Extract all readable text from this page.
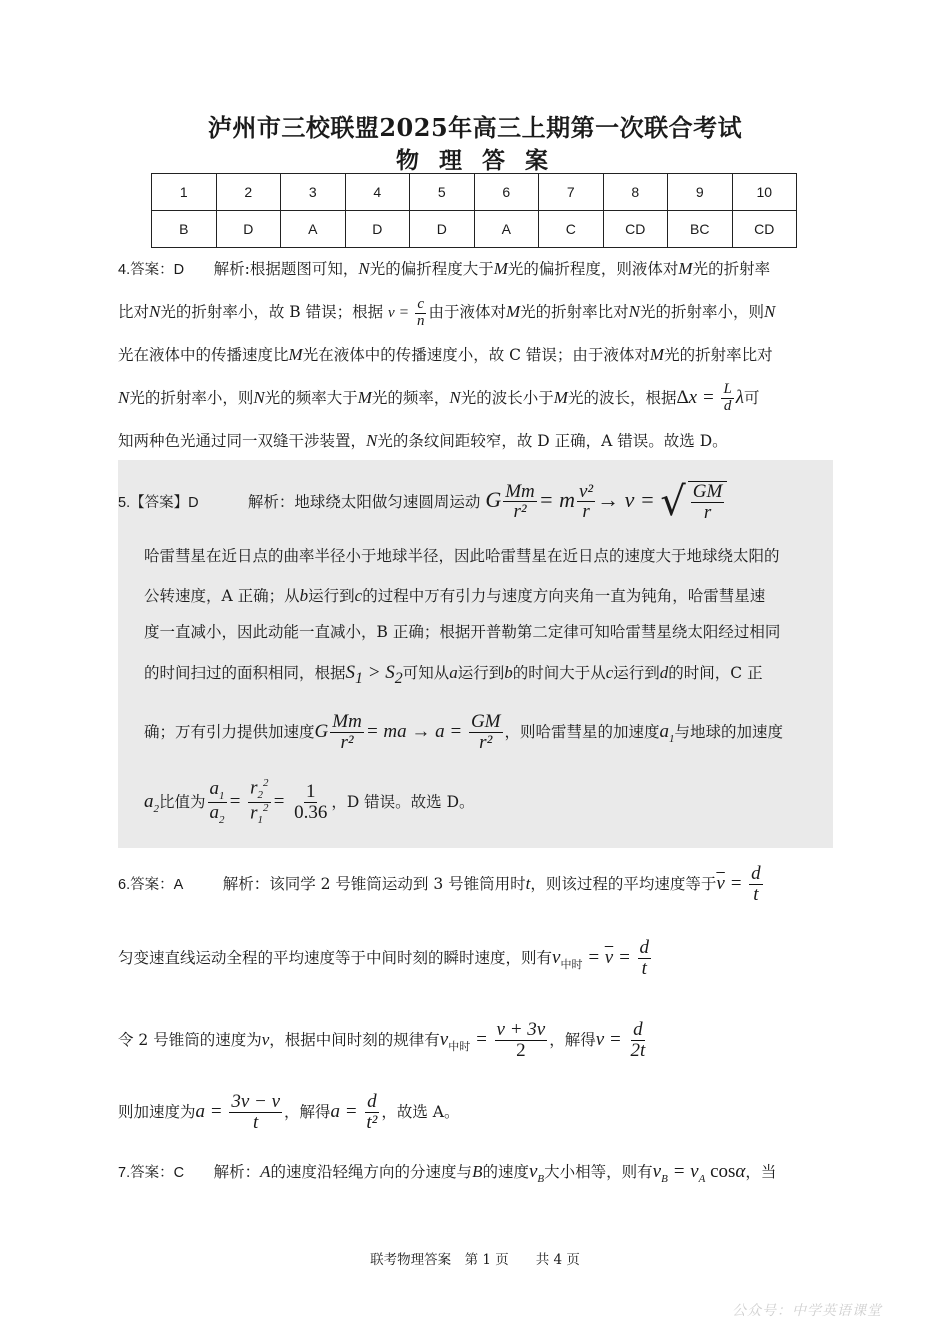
泸州市三校联盟2025年高三上期第一次联合考试
物 理 答 案
1	2	3	4	5	6	7	8	9	10
B	D	A	D	D	A	C	CD	BC	CD
4.答案：D 解析:根据题图可知，N光的偏折程度大于M光的偏折程度，则液体对M光的折射率
比对N光的折射率小，故 B 错误；根据 $v = \frac{c}{n}$ 由于液体对M光的折射率比对N光的折射率小，则N
光在液体中的传播速度比M光在液体中的传播速度小，故 C 错误；由于液体对M光的折射率比对
N光的折射率小，则N光的频率大于M光的频率，N光的波长小于M光的波长，根据$\Delta x = \frac{L}{d}$ λ可
知两种色光通过同一双缝干涉装置，N光的条纹间距较窄，故 D 正确，A 错误。故选 D。
5.【答案】D	解析：地球绕太阳做匀速圆周运动 G $\frac{Mm}{\text{r²}} = m \frac{\text{v²}}{r} \to v$ = √ $\frac{GM}{r}$
哈雷彗星在近日点的曲率半径小于地球半径，因此哈雷彗星在近日点的速度大于地球绕太阳的
公转速度，A 正确；从b运行到c的过程中万有引力与速度方向夹角一直为钝角，哈雷彗星速
度一直减小，因此动能一直减小，B 正确；根据开普勒第二定律可知哈雷彗星绕太阳经过相同
的时间扫过的面积相同，根据$S_1 > S_2$可知从a运行到b的时间大于从c运行到d的时间，C 正
确；万有引力提供加速度G $\frac{Mm}{\text{r²}}$ = ma → $a = \frac{GM}{\text{r²}}$ ，则哈雷彗星的加速度$a_1$与地球的加速度
$a_2$比值为 $\frac{a_1}{a_2} = \frac{r_2^2}{r_1^2} = \frac{1}{0.36}$ ，D 错误。故选 D。
6.答案：A	解析：该同学 2 号锥筒运动到 3 号锥筒用时t，则该过程的平均速度等于$\overline{v} = \frac{d}{t}$
匀变速直线运动全程的平均速度等于中间时刻的瞬时速度，则有$v_{中时} = \overline{v} = \frac{d}{t}$
令 2 号锥筒的速度为v，根据中间时刻的规律有$v_{中时} = \frac{v + 3v}{2}$ ，解得$v = \frac{d}{2t}$
则加速度为$a = \frac{3v - v}{t}$ ，解得$a = \frac{d}{\text{t²}}$ ，故选 A。
7.答案：C 解析：A的速度沿轻绳方向的分速度与B的速度$v_B$大小相等，则有$v_B = v_A$ cosα，当
联考物理答案　第 1 页　　共 4 页
公众号：中学英语课堂
